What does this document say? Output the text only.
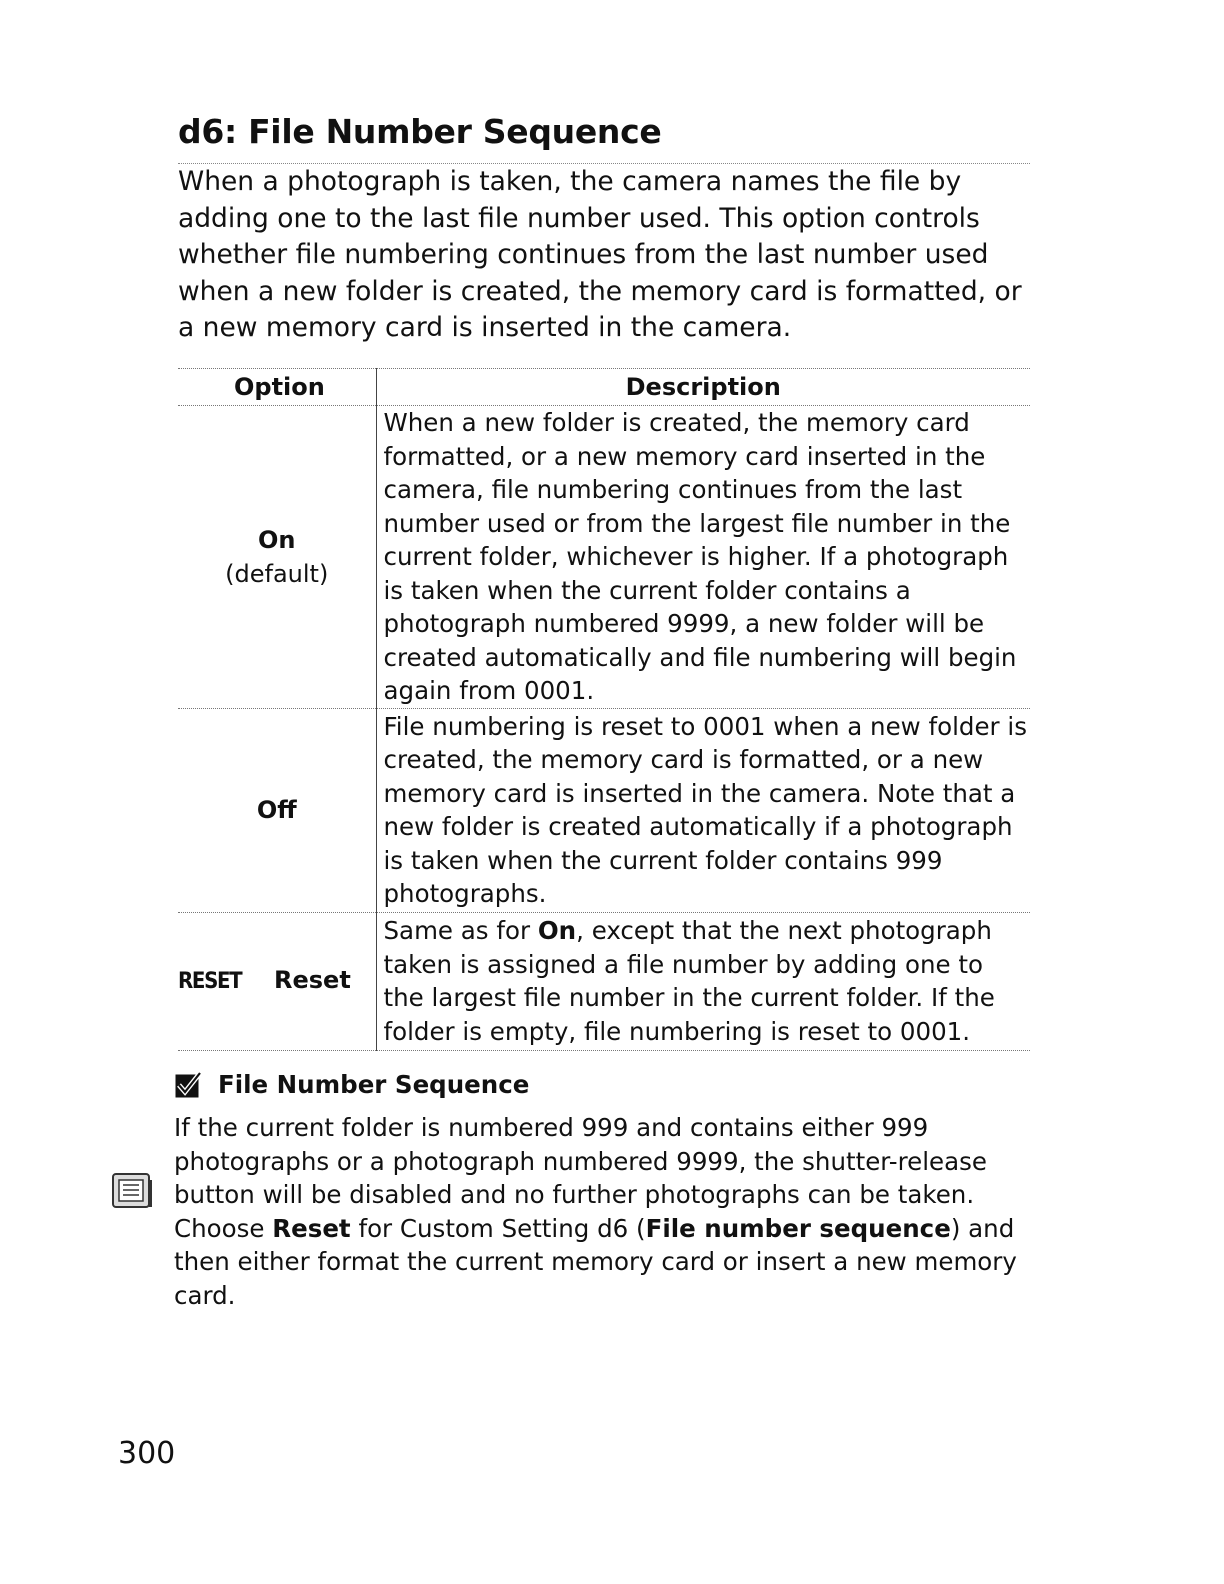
d6: File Number Sequence

When a photograph is taken, the camera names the file by adding one to the last file number used. This option controls whether file numbering continues from the last number used when a new folder is created, the memory card is formatted, or a new memory card is inserted in the camera.

Option	Description

On
(default)	When a new folder is created, the memory card formatted, or a new memory card inserted in the camera, file numbering continues from the last number used or from the largest file number in the current folder, whichever is higher. If a photograph is taken when the current folder contains a photograph numbered 9999, a new folder will be created automatically and file numbering will begin again from 0001.

Off	File numbering is reset to 0001 when a new folder is created, the memory card is formatted, or a new memory card is inserted in the camera. Note that a new folder is created automatically if a photograph is taken when the current folder contains 999 photographs.
RESET Reset	Same as for On, except that the next photograph taken is assigned a file number by adding one to the largest file number in the current folder. If the folder is empty, file numbering is reset to 0001.
File Number Sequence

If the current folder is numbered 999 and contains either 999 photographs or a photograph numbered 9999, the shutter-release button will be disabled and no further photographs can be taken. Choose Reset for Custom Setting d6 (File number sequence) and then either format the current memory card or insert a new memory card.

300
